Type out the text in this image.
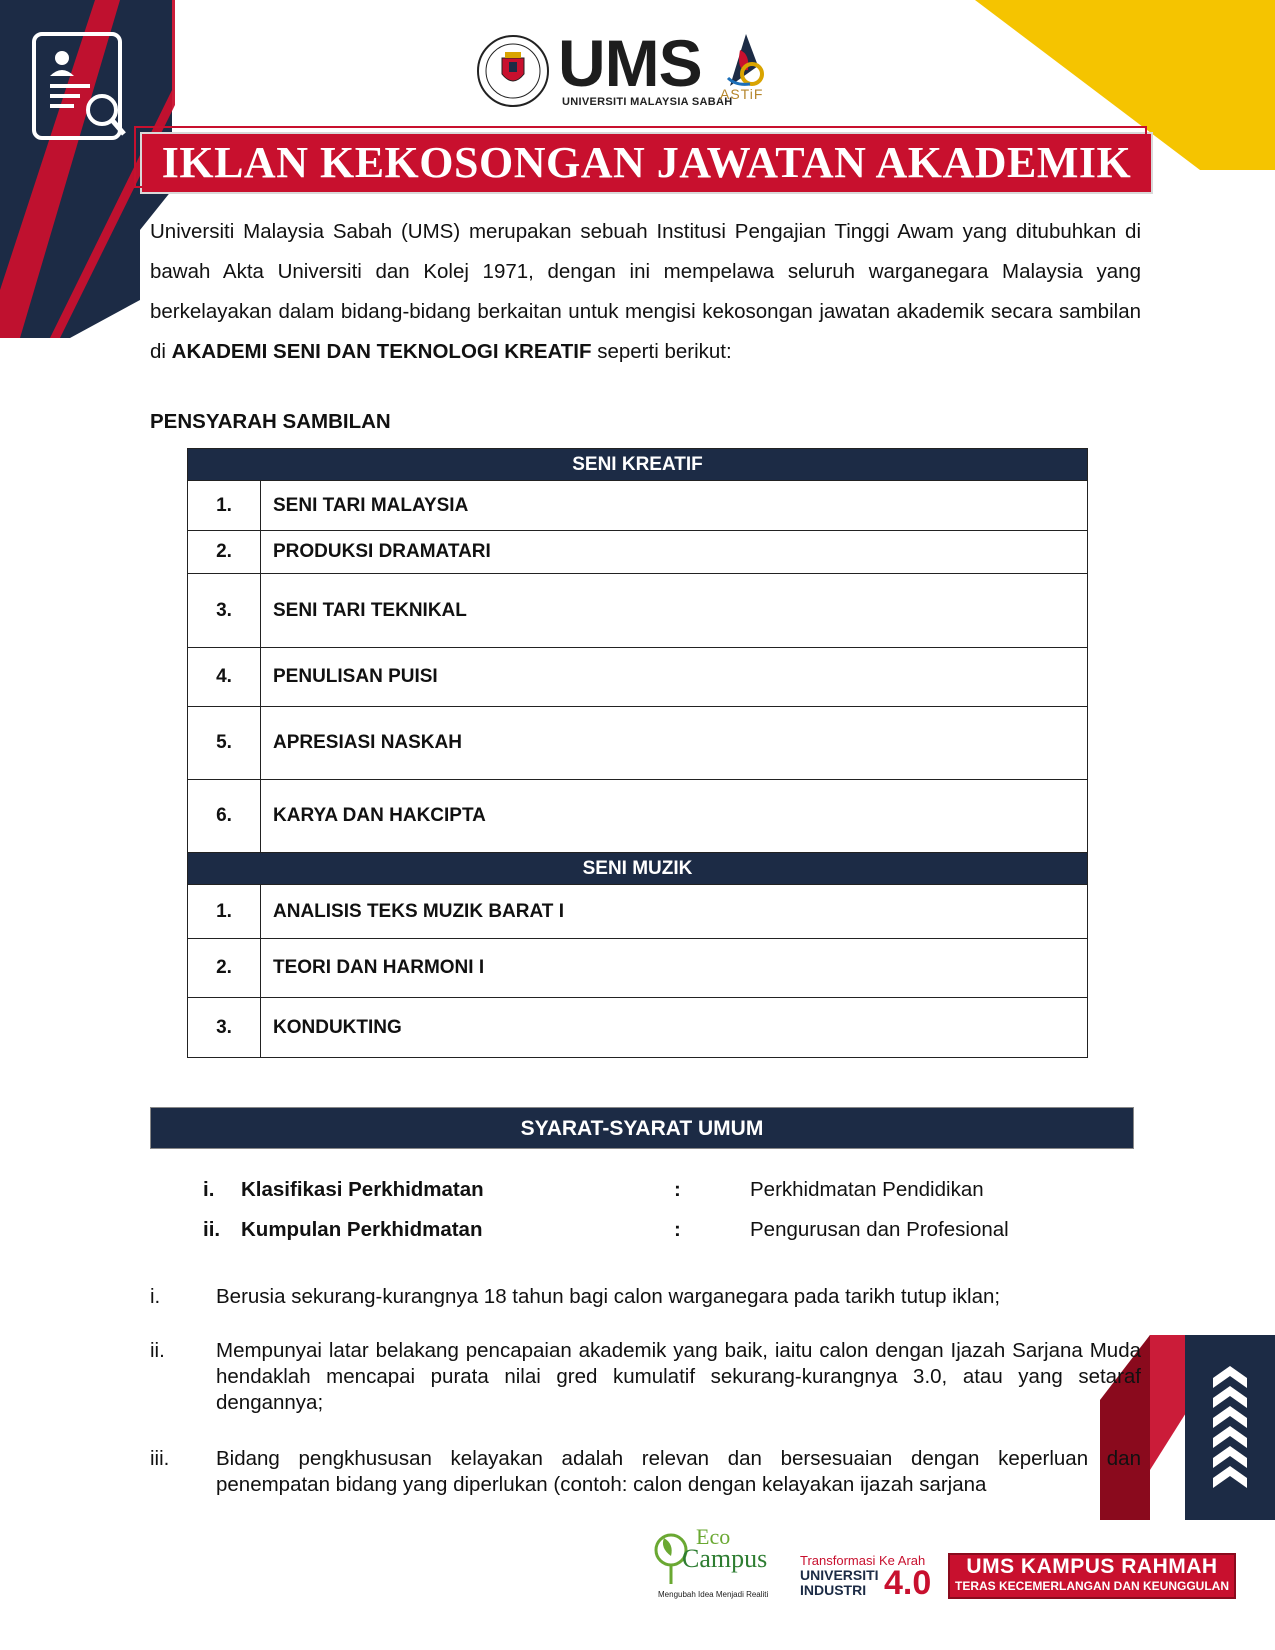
UMS
UNIVERSITI MALAYSIA SABAH
ASTiF
IKLAN KEKOSONGAN JAWATAN AKADEMIK
Universiti Malaysia Sabah (UMS) merupakan sebuah Institusi Pengajian Tinggi Awam yang ditubuhkan di bawah Akta Universiti dan Kolej 1971, dengan ini mempelawa seluruh warganegara Malaysia yang berkelayakan dalam bidang-bidang berkaitan untuk mengisi kekosongan jawatan akademik secara sambilan di AKADEMI SENI DAN TEKNOLOGI KREATIF seperti berikut:
PENSYARAH SAMBILAN
SENI KREATIF	
1.	SENI TARI MALAYSIA
2.	PRODUKSI DRAMATARI
3.	SENI TARI TEKNIKAL
4.	PENULISAN PUISI
5.	APRESIASI NASKAH
6.	KARYA DAN HAKCIPTA
SENI MUZIK	
1.	ANALISIS TEKS MUZIK BARAT I
2.	TEORI DAN HARMONI I
3.	KONDUKTING
SYARAT-SYARAT UMUM
i. Klasifikasi Perkhidmatan	:	Perkhidmatan Pendidikan
ii. Kumpulan Perkhidmatan	:	Pengurusan dan Profesional
i.	Berusia sekurang-kurangnya 18 tahun bagi calon warganegara pada tarikh tutup iklan;
ii. Mempunyai latar belakang pencapaian akademik yang baik, iaitu calon dengan Ijazah Sarjana Muda hendaklah mencapai purata nilai gred kumulatif sekurang-kurangnya 3.0, atau yang setaraf dengannya;
iii. Bidang pengkhususan kelayakan adalah relevan dan bersesuaian dengan keperluan dan penempatan bidang yang diperlukan (contoh: calon dengan kelayakan ijazah sarjana
Eco
Campus
Mengubah Idea Menjadi Realiti
Transformasi Ke Arah
UNIVERSITI
INDUSTRI 4.0	UMS KAMPUS RAHMAH
TERAS KECEMERLANGAN DAN KEUNGGULAN
